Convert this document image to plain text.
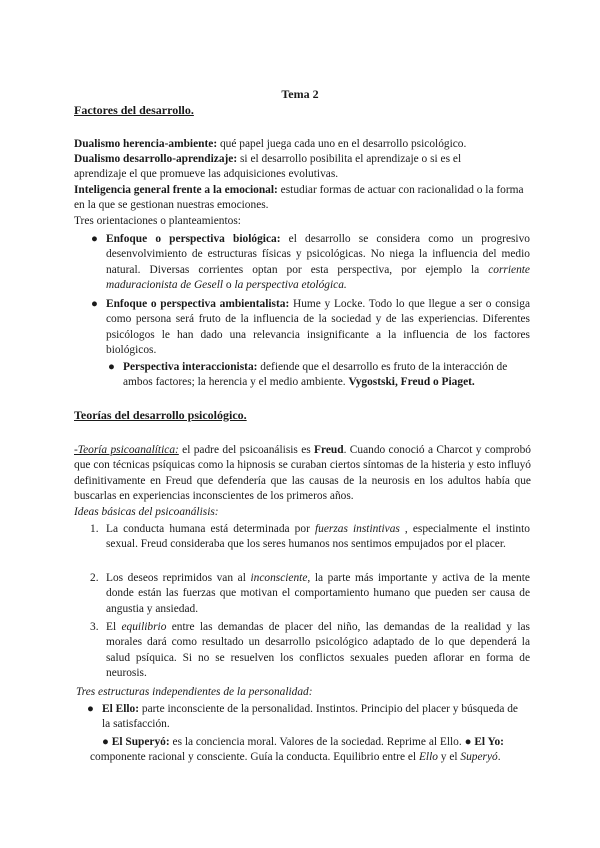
Tema 2
Factores del desarrollo.
Dualismo herencia-ambiente: qué papel juega cada uno en el desarrollo psicológico.
Dualismo desarrollo-aprendizaje: si el desarrollo posibilita el aprendizaje o si es el aprendizaje el que promueve las adquisiciones evolutivas.
Inteligencia general frente a la emocional: estudiar formas de actuar con racionalidad o la forma en la que se gestionan nuestras emociones.
Tres orientaciones o planteamientos:
● Enfoque o perspectiva biológica: el desarrollo se considera como un progresivo desenvolvimiento de estructuras físicas y psicológicas. No niega la influencia del medio natural. Diversas corrientes optan por esta perspectiva, por ejemplo la corriente maduracionista de Gesell o la perspectiva etológica.
● Enfoque o perspectiva ambientalista: Hume y Locke. Todo lo que llegue a ser o consiga como persona será fruto de la influencia de la sociedad y de las experiencias. Diferentes psicólogos le han dado una relevancia insignificante a la influencia de los factores biológicos.
● Perspectiva interaccionista: defiende que el desarrollo es fruto de la interacción de ambos factores; la herencia y el medio ambiente. Vygostski, Freud o Piaget.
Teorías del desarrollo psicológico.
-Teoría psicoanalítica: el padre del psicoanálisis es Freud. Cuando conoció a Charcot y comprobó que con técnicas psíquicas como la hipnosis se curaban ciertos síntomas de la histeria y esto influyó definitivamente en Freud que defendería que las causas de la neurosis en los adultos había que buscarlas en experiencias inconscientes de los primeros años.
Ideas básicas del psicoanálisis:
1. La conducta humana está determinada por fuerzas instintivas , especialmente el instinto sexual. Freud consideraba que los seres humanos nos sentimos empujados por el placer.
2. Los deseos reprimidos van al inconsciente, la parte más importante y activa de la mente donde están las fuerzas que motivan el comportamiento humano que pueden ser causa de angustia y ansiedad.
3. El equilibrio entre las demandas de placer del niño, las demandas de la realidad y las morales dará como resultado un desarrollo psicológico adaptado de lo que dependerá la salud psíquica. Si no se resuelven los conflictos sexuales pueden aflorar en forma de neurosis.
Tres estructuras independientes de la personalidad:
● El Ello: parte inconsciente de la personalidad. Instintos. Principio del placer y búsqueda de la satisfacción.
● El Superyó: es la conciencia moral. Valores de la sociedad. Reprime al Ello. ● El Yo: componente racional y consciente. Guía la conducta. Equilibrio entre el Ello y el Superyó.
